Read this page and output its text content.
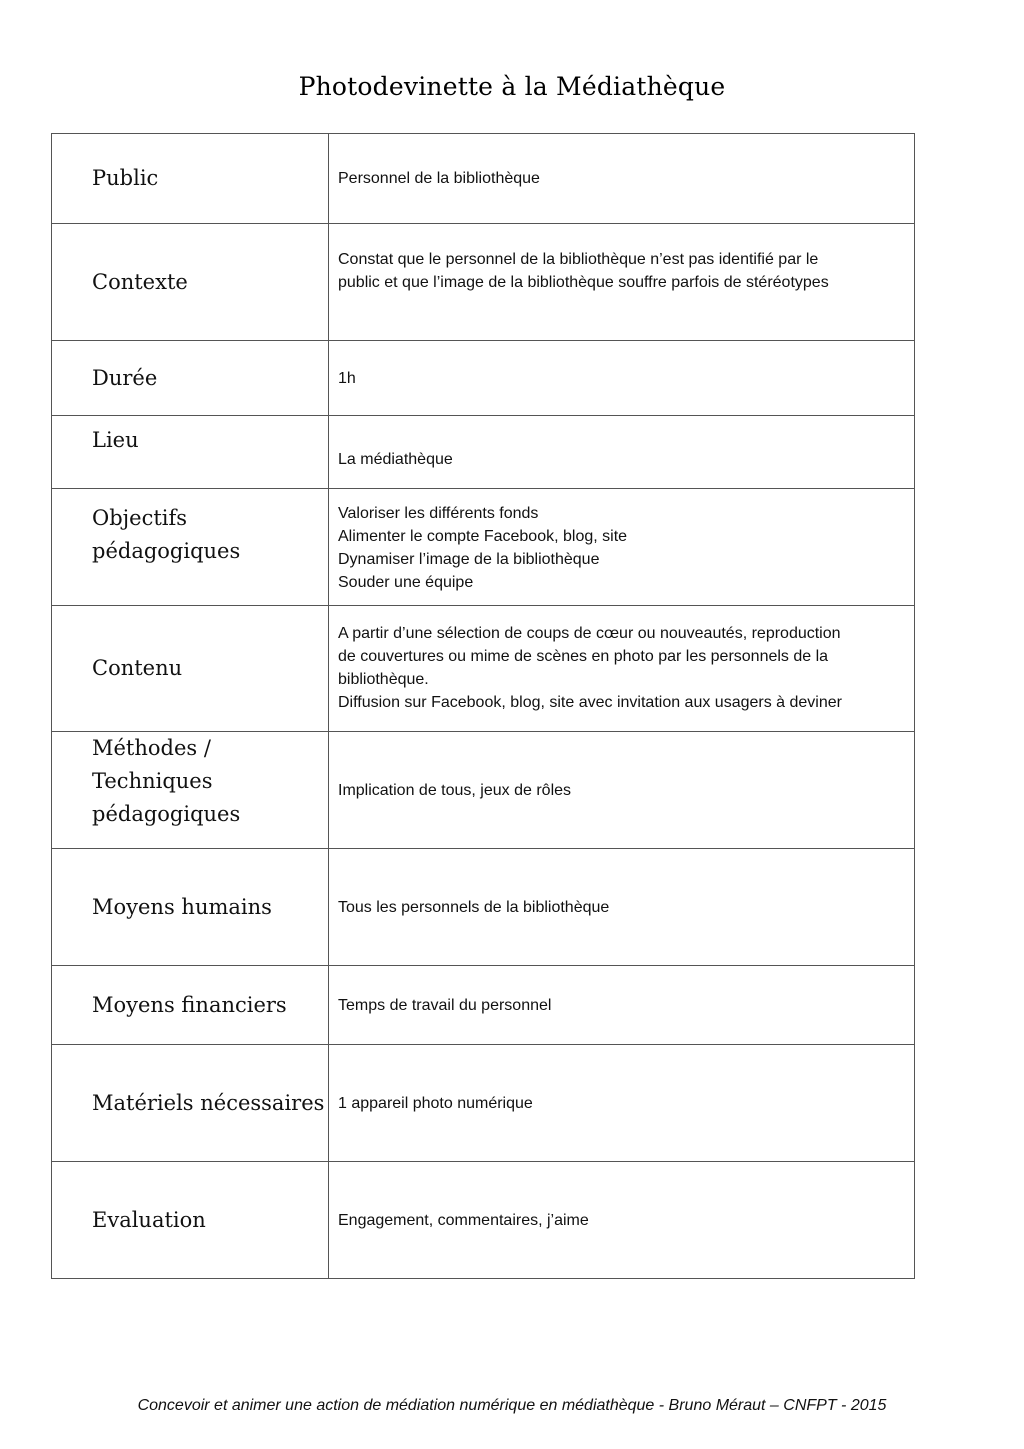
Photodevinette à la Médiathèque
Public	Personnel de la bibliothèque

Contexte	Constat que le personnel de la bibliothèque n’est pas identifié par le
public et que l’image de la bibliothèque souffre parfois de stéréotypes

Durée	1h

Lieu	La médiathèque

Objectifs
pédagogiques	Valoriser les différents fonds
Alimenter le compte Facebook, blog, site
Dynamiser l’image de la bibliothèque
Souder une équipe

Contenu	A partir d’une sélection de coups de cœur ou nouveautés, reproduction
de couvertures ou mime de scènes en photo par les personnels de la
bibliothèque.
Diffusion sur Facebook, blog, site avec invitation aux usagers à deviner

Méthodes /
Techniques
pédagogiques	Implication de tous, jeux de rôles

Moyens humains	Tous les personnels de la bibliothèque

Moyens financiers	Temps de travail du personnel

Matériels nécessaires	1 appareil photo numérique

Evaluation	Engagement, commentaires, j’aime
Concevoir et animer une action de médiation numérique en médiathèque - Bruno Méraut – CNFPT - 2015
